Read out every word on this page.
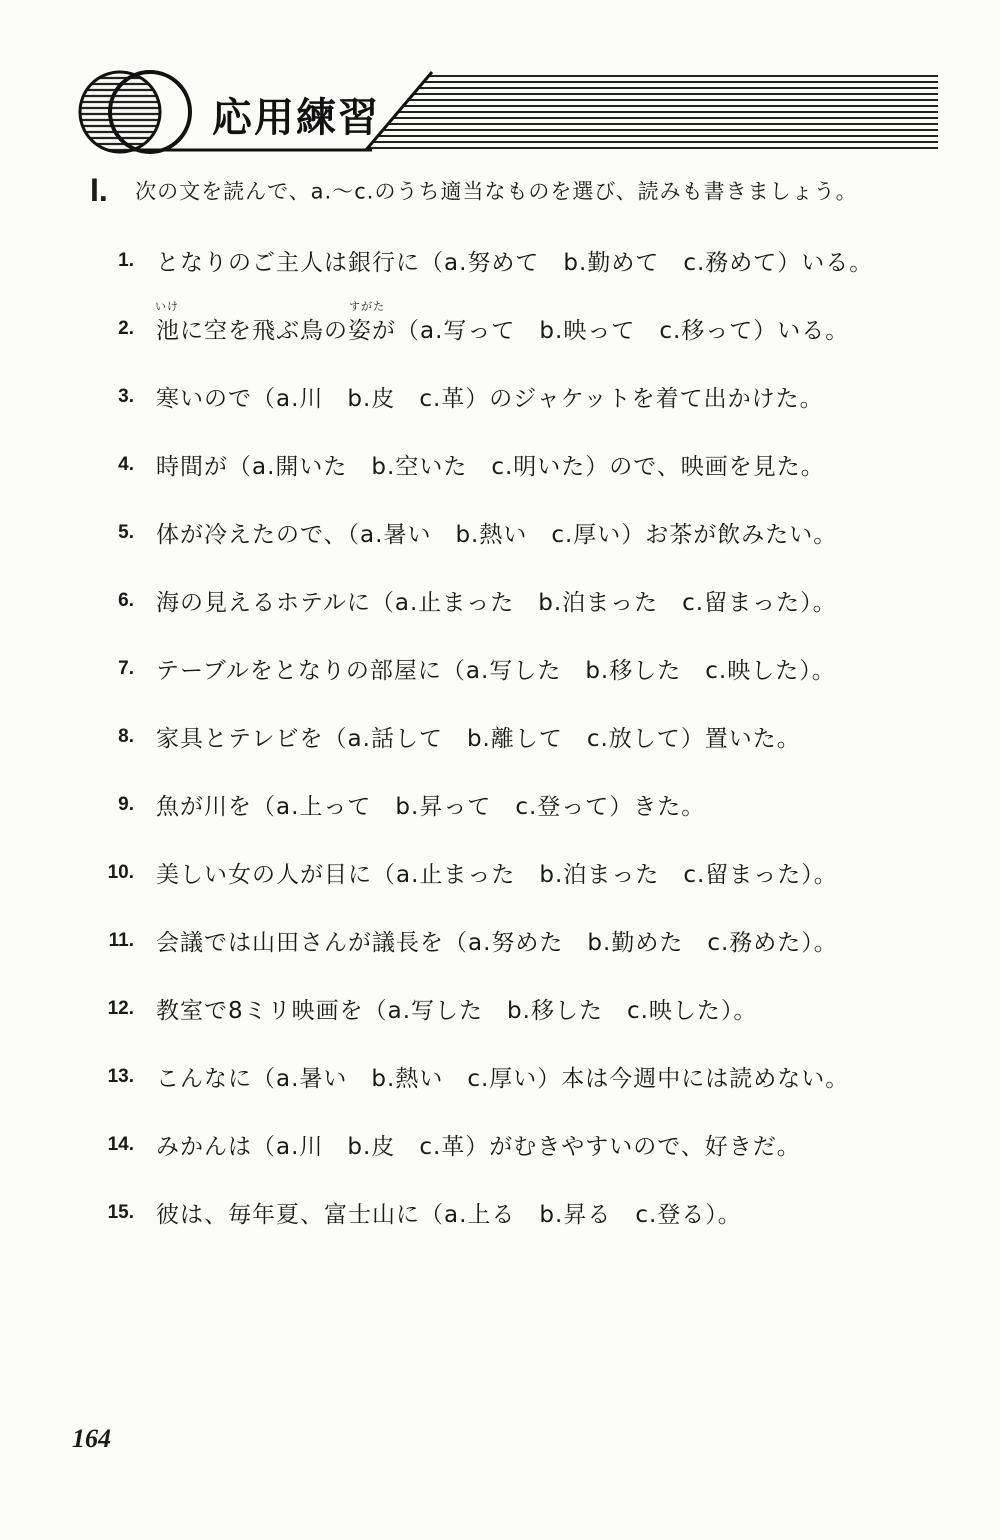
応用練習
I. 次の文を読んで、a.〜c.のうち適当なものを選び、読みも書きましょう。
1. となりのご主人は銀行に（a.努めて　b.勤めて　c.務めて）いる。
いけ	すがた
2. 池に空を飛ぶ鳥の姿が（a.写って　b.映って　c.移って）いる。
3. 寒いので（a.川　b.皮　c.革）のジャケットを着て出かけた。
4. 時間が（a.開いた　b.空いた　c.明いた）ので、映画を見た。
5. 体が冷えたので、（a.暑い　b.熱い　c.厚い）お茶が飲みたい。
6. 海の見えるホテルに（a.止まった　b.泊まった　c.留まった）。
7. テーブルをとなりの部屋に（a.写した　b.移した　c.映した）。
8. 家具とテレビを（a.話して　b.離して　c.放して）置いた。
9. 魚が川を（a.上って　b.昇って　c.登って）きた。
10. 美しい女の人が目に（a.止まった　b.泊まった　c.留まった）。
11. 会議では山田さんが議長を（a.努めた　b.勤めた　c.務めた）。
12. 教室で8ミリ映画を（a.写した　b.移した　c.映した）。
13. こんなに（a.暑い　b.熱い　c.厚い）本は今週中には読めない。
14. みかんは（a.川　b.皮　c.革）がむきやすいので、好きだ。
15. 彼は、毎年夏、富士山に（a.上る　b.昇る　c.登る）。
164
